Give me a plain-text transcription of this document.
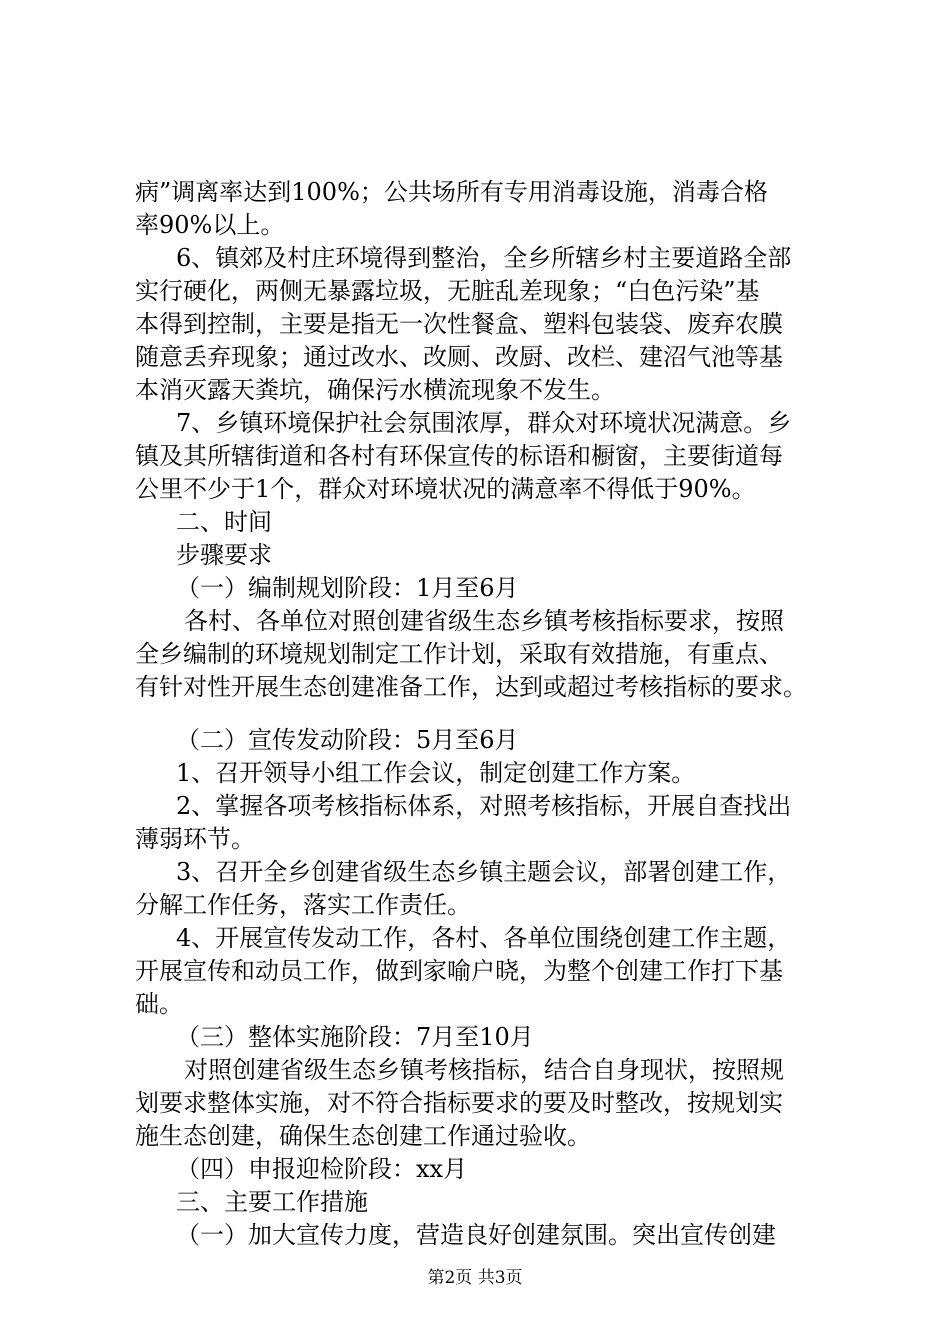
病”调离率达到100%；公共场所有专用消毒设施，消毒合格
率90%以上。
6、镇郊及村庄环境得到整治，全乡所辖乡村主要道路全部
实行硬化，两侧无暴露垃圾，无脏乱差现象；“白色污染”基
本得到控制，主要是指无一次性餐盒、塑料包装袋、废弃农膜
随意丢弃现象；通过改水、改厕、改厨、改栏、建沼气池等基
本消灭露天粪坑，确保污水横流现象不发生。
7、乡镇环境保护社会氛围浓厚，群众对环境状况满意。乡
镇及其所辖街道和各村有环保宣传的标语和橱窗，主要街道每
公里不少于1个，群众对环境状况的满意率不得低于90%。
二、时间
步骤要求
（一）编制规划阶段：1月至6月
各村、各单位对照创建省级生态乡镇考核指标要求，按照
全乡编制的环境规划制定工作计划，采取有效措施，有重点、
有针对性开展生态创建准备工作，达到或超过考核指标的要求。
（二）宣传发动阶段：5月至6月
1、召开领导小组工作会议，制定创建工作方案。
2、掌握各项考核指标体系，对照考核指标，开展自查找出
薄弱环节。
3、召开全乡创建省级生态乡镇主题会议，部署创建工作，
分解工作任务，落实工作责任。
4、开展宣传发动工作，各村、各单位围绕创建工作主题，
开展宣传和动员工作，做到家喻户晓，为整个创建工作打下基
础。
（三）整体实施阶段：7月至10月
对照创建省级生态乡镇考核指标，结合自身现状，按照规
划要求整体实施，对不符合指标要求的要及时整改，按规划实
施生态创建，确保生态创建工作通过验收。
（四）申报迎检阶段：xx月
三、主要工作措施
（一）加大宣传力度，营造良好创建氛围。突出宣传创建
第2页 共3页
